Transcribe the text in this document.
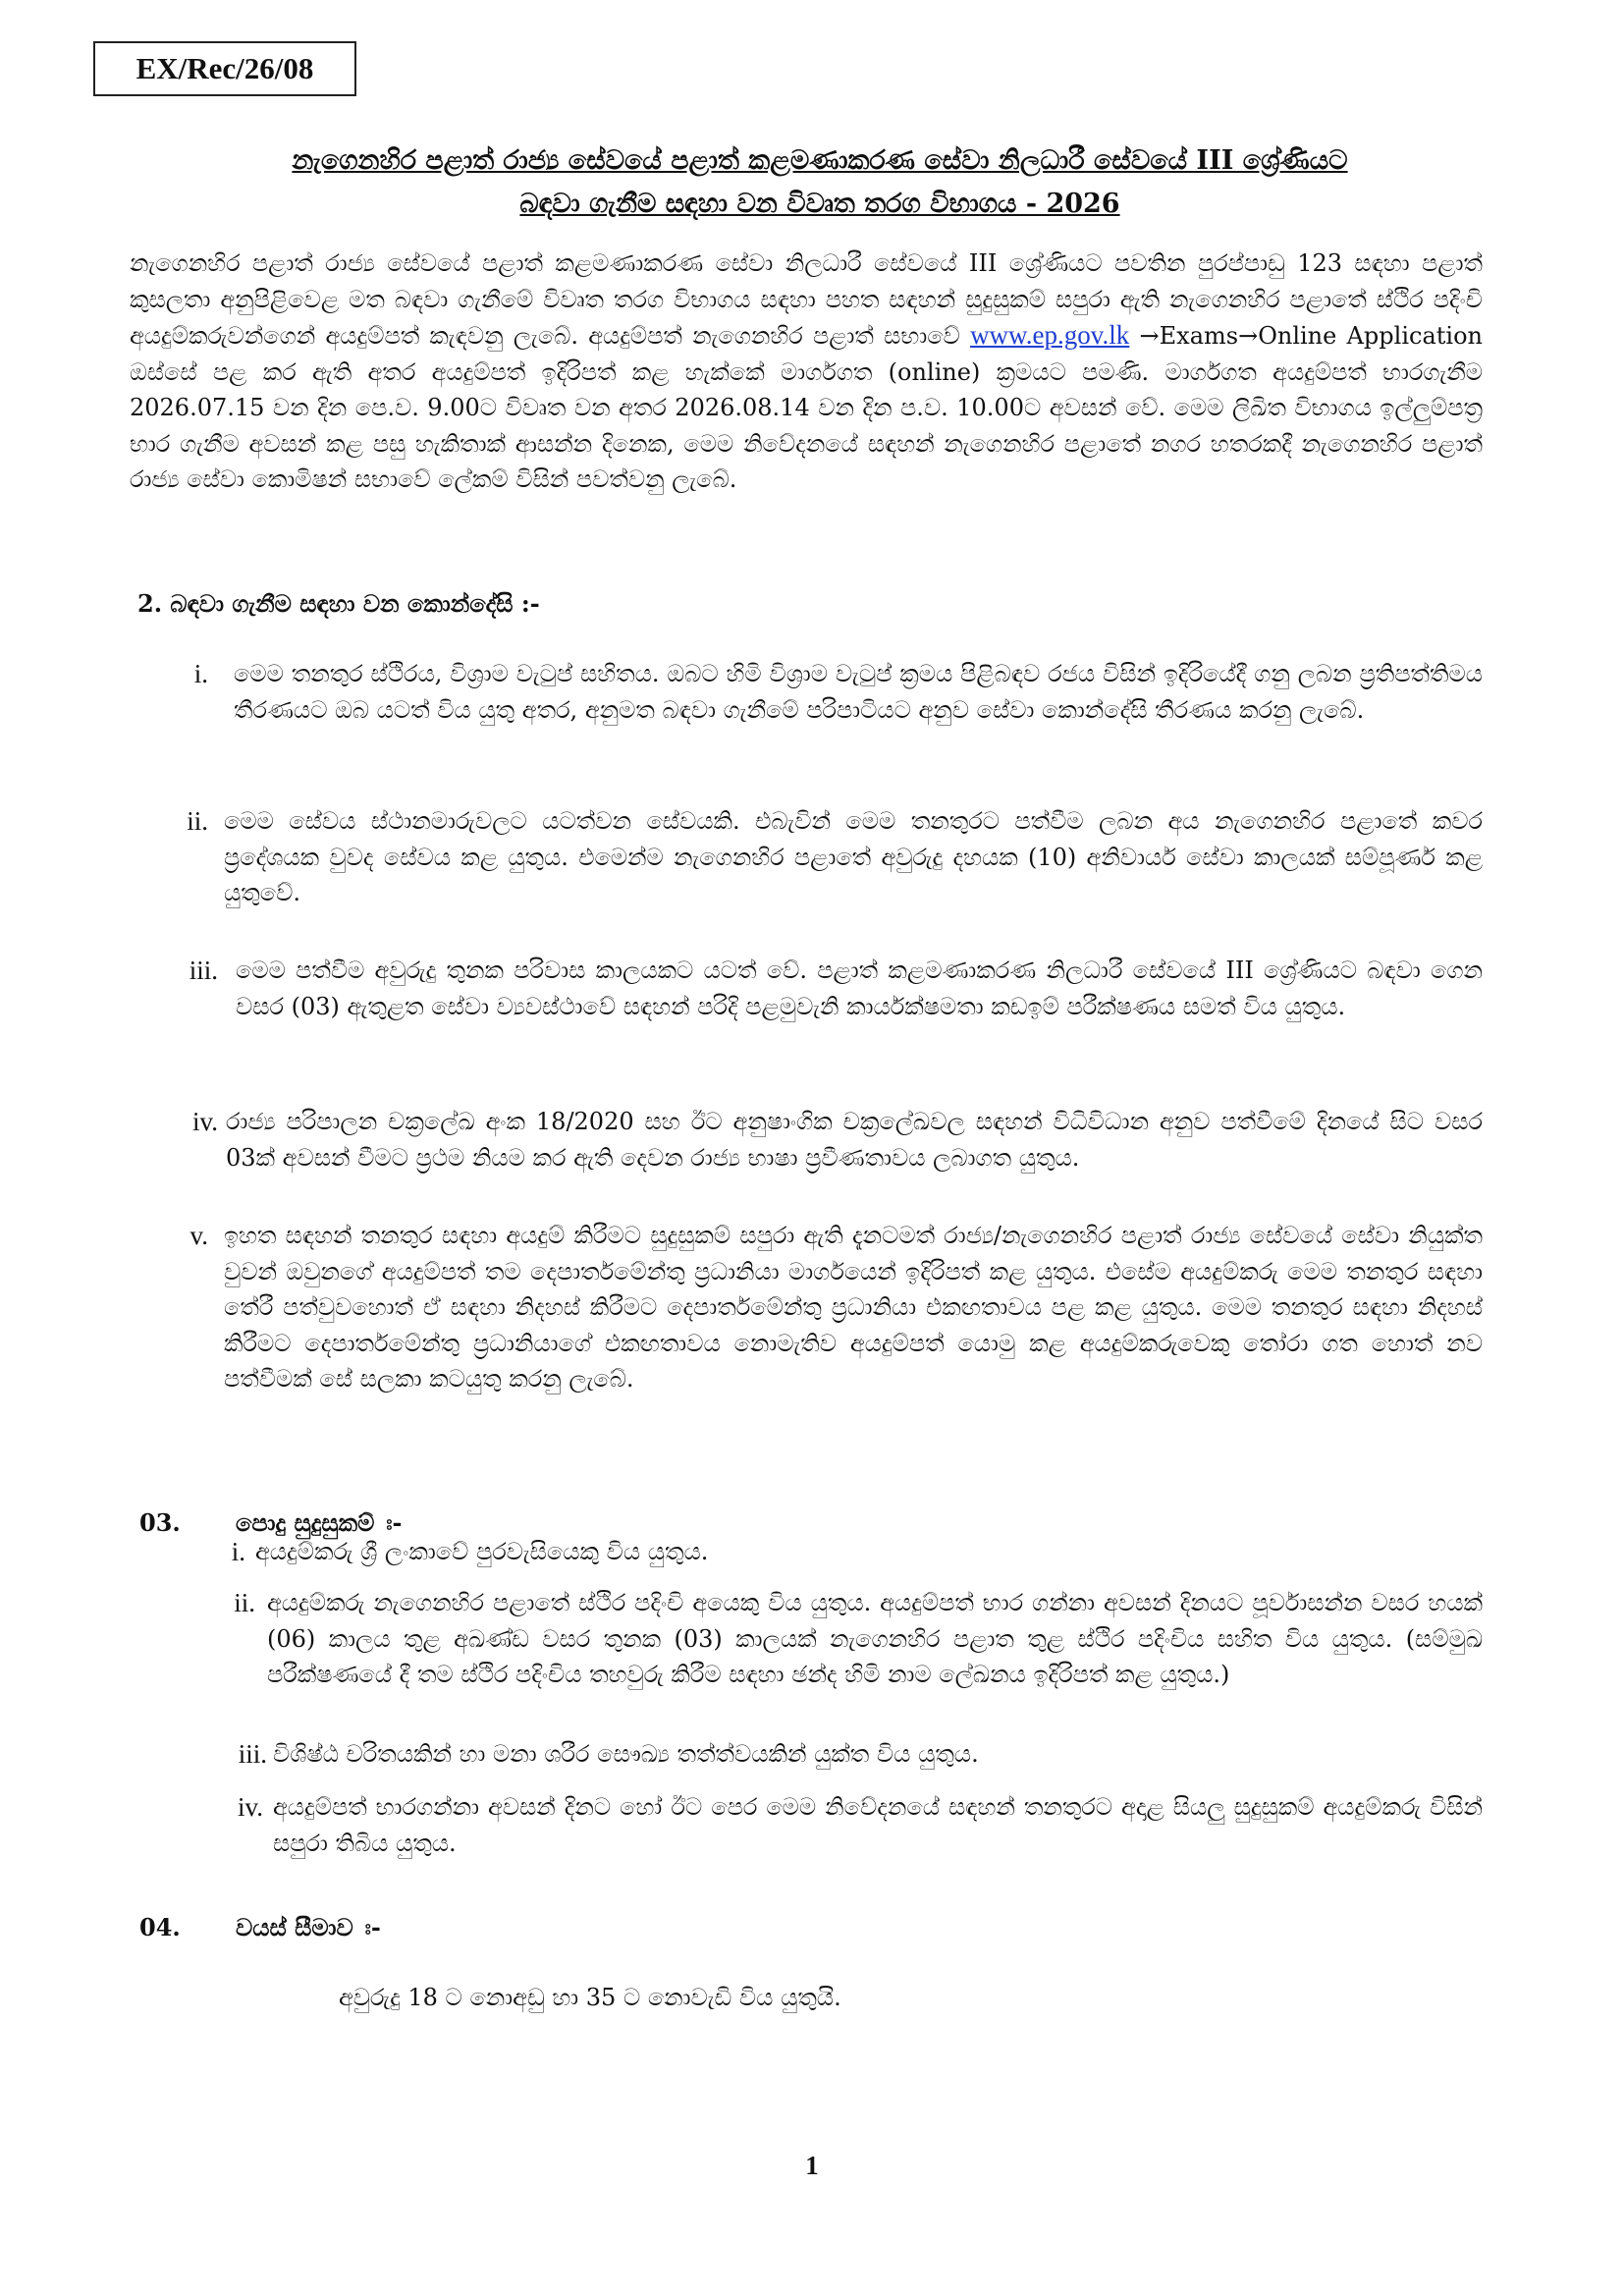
EX/Rec/26/08
නැගෙනහිර පළාත් රාජ්‍ය සේවයේ පළාත් කළමණාකරණ සේවා නිලධාරී සේවයේ III ශ්‍රේණියට
බඳවා ගැනීම සඳහා වන විවෘත තරග විභාගය - 2026

නැගෙනහිර පළාත් රාජ්‍ය සේවයේ පළාත් කළමණාකරණ සේවා නිලධාරී සේවයේ III ශ්‍රේණියට පවතින පුරප්පාඩු 123 සඳහා පළාත් කුසලතා අනුපිළිවෙළ මත බඳවා ගැනීමේ විවෘත තරග විභාගය සඳහා පහත සඳහන් සුදුසුකම් සපුරා ඇති නැගෙනහිර පළාතේ ස්ථිර පදිංචි අයදුම්කරුවන්ගෙන් අයදුම්පත් කැඳවනු ලැබේ. අයදුම්පත් නැගෙනහිර පළාත් සභාවේ www.ep.gov.lk →Exams→Online Application ඔස්සේ පළ කර ඇති අතර අයදුම්පත් ඉදිරිපත් කළ හැක්කේ මාර්ගගත (online) ක්‍රමයට පමණි. මාර්ගගත අයදුම්පත් භාරගැනීම 2026.07.15 වන දින පෙ.ව. 9.00ට විවෘත වන අතර 2026.08.14 වන දින ප.ව. 10.00ට අවසන් වේ. මෙම ලිඛිත විභාගය ඉල්ලුම්පත්‍ර භාර ගැනීම අවසන් කළ පසු හැකිතාක් ආසන්න දිනෙක, මෙම නිවේදනයේ සඳහන් නැගෙනහිර පළාතේ නගර හතරකදී නැගෙනහිර පළාත් රාජ්‍ය සේවා කොමිෂන් සභාවේ ලේකම් විසින් පවත්වනු ලැබේ.

2. බඳවා ගැනීම සඳහා වන කොන්දේසි :-
i. මෙම තනතුර ස්ථිරය, විශ්‍රාම වැටුප් සහිතය. ඔබට හිමි විශ්‍රාම වැටුප් ක්‍රමය පිළිබඳව රජය විසින් ඉදිරියේදී ගනු ලබන ප්‍රතිපත්තිමය තීරණයට ඔබ යටත් විය යුතු අතර, අනුමත බඳවා ගැනීමේ පරිපාටියට අනුව සේවා කොන්දේසි තීරණය කරනු ලැබේ.

ii. මෙම සේවය ස්ථානමාරුවලට යටත්වන සේවයකි. එබැවින් මෙම තනතුරට පත්වීම ලබන අය නැගෙනහිර පළාතේ කවර ප්‍රදේශයක වුවද සේවය කළ යුතුය. එමෙන්ම නැගෙනහිර පළාතේ අවුරුදු දහයක (10) අනිවාර්ය සේවා කාලයක් සම්පූර්ණ කළ යුතුවේ.

iii. මෙම පත්වීම අවුරුදු තුනක පරිවාස කාලයකට යටත් වේ. පළාත් කළමණාකරණ නිලධාරී සේවයේ III ශ්‍රේණියට බඳවා ගෙන වසර (03) ඇතුළත සේවා ව්‍යවස්ථාවේ සඳහන් පරිදි පළමුවැනි කාර්යක්ෂමතා කඩඉම් පරීක්ෂණය සමත් විය යුතුය.

iv. රාජ්‍ය පරිපාලන චක්‍රලේඛ අංක 18/2020 සහ ඊට අනුෂාංගික චක්‍රලේඛවල සඳහන් විධිවිධාන අනුව පත්වීමේ දිනයේ සිට වසර 03ක් අවසන් වීමට ප්‍රථම නියම කර ඇති දෙවන රාජ්‍ය භාෂා ප්‍රවීණතාවය ලබාගත යුතුය.

v. ඉහත සඳහන් තනතුර සඳහා අයදුම් කිරීමට සුදුසුකම් සපුරා ඇති දැනටමත් රාජ්‍ය/නැගෙනහිර පළාත් රාජ්‍ය සේවයේ සේවා නියුක්ත වුවන් ඔවුනගේ අයදුම්පත් තම දෙපාර්තමේන්තු ප්‍රධානියා මාර්ගයෙන් ඉදිරිපත් කළ යුතුය. එසේම අයදුම්කරු මෙම තනතුර සඳහා තේරී පත්වුවහොත් ඒ සඳහා නිදහස් කිරීමට දෙපාර්තමේන්තු ප්‍රධානියා එකඟතාවය පළ කළ යුතුය. මෙම තනතුර සඳහා නිදහස් කිරීමට දෙපාර්තමේන්තු ප්‍රධානියාගේ එකඟතාවය නොමැතිව අයදුම්පත් යොමු කළ අයදුම්කරුවෙකු තෝරා ගත හොත් නව පත්වීමක් සේ සලකා කටයුතු කරනු ලැබේ.

03. පොදු සුදුසුකම් ඃ-
i. අයදුම්කරු ශ්‍රී ලංකාවේ පුරවැසියෙකු විය යුතුය.

ii. අයදුම්කරු නැගෙනහිර පළාතේ ස්ථිර පදිංචි අයෙකු විය යුතුය. අයදුම්පත් භාර ගන්නා අවසන් දිනයට පූර්වාසන්න වසර හයක් (06) කාලය තුළ අඛණ්ඩ වසර තුනක (03) කාලයක් නැගෙනහිර පළාත තුළ ස්ථිර පදිංචිය සහිත විය යුතුය. (සම්මුඛ පරීක්ෂණයේ දී තම ස්ථිර පදිංචිය තහවුරු කිරීම සඳහා ඡන්ද හිමි නාම ලේඛනය ඉදිරිපත් කළ යුතුය.)

iii. විශිෂ්ඨ චරිතයකින් හා මනා ශරීර සෞඛ්‍ය තත්ත්වයකින් යුක්ත විය යුතුය.

iv. අයදුම්පත් භාරගන්නා අවසන් දිනට හෝ ඊට පෙර මෙම නිවේදනයේ සඳහන් තනතුරට අදාළ සියලු සුදුසුකම් අයදුම්කරු විසින් සපුරා තිබිය යුතුය.

04. වයස් සීමාව ඃ-

අවුරුදු 18 ට නොඅඩු හා 35 ට නොවැඩි විය යුතුයි.

1
